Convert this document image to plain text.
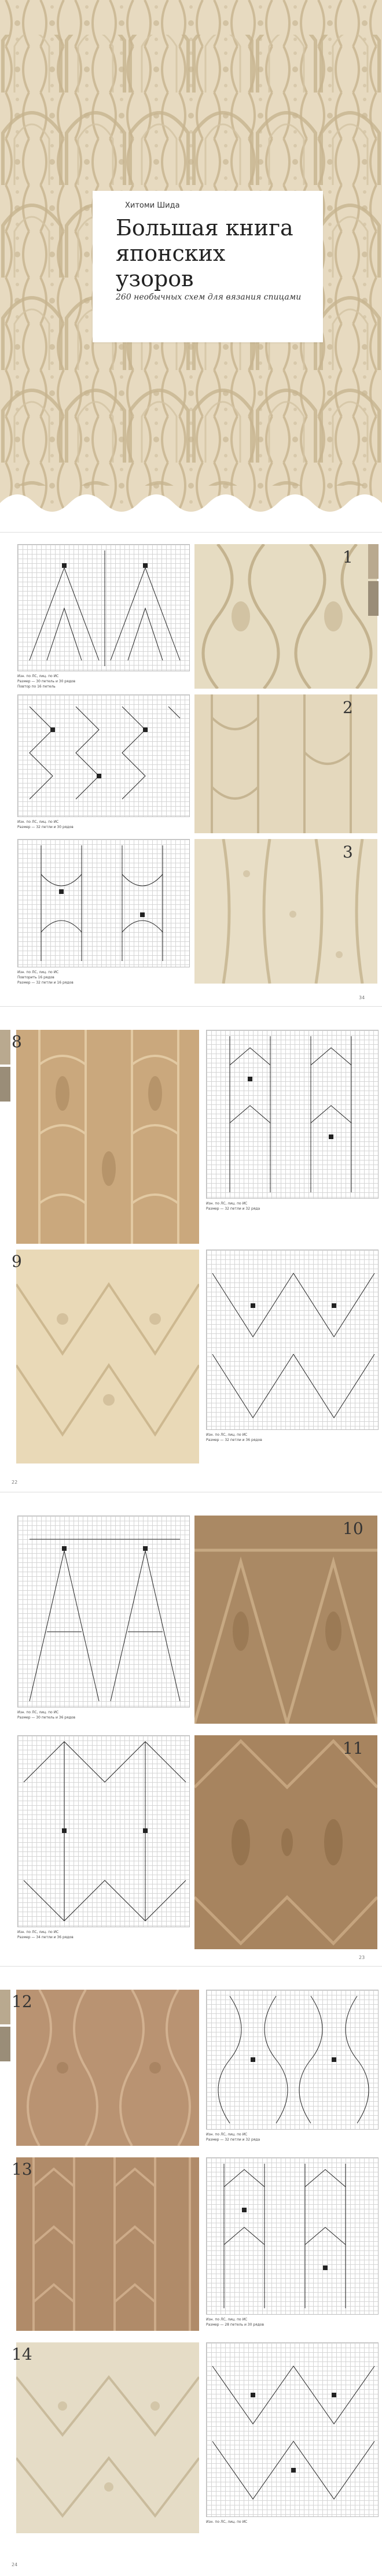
Хитоми Шида
Большая книга японских узоров
260 необычных схем для вязания спицами
Изн. по ЛС, лиц. по ИС
Размер — 30 петель и 30 рядов
Повтор по 16 петель
Изн. по ЛС, лиц. по ИС
Размер — 32 петли и 30 рядов
Изн. по ЛС, лиц. по ИС
Повторить 16 рядов
Размер — 32 петли и 16 рядов
1
2
3
34
8
9
Изн. по ЛС, лиц. по ИС
Размер — 32 петли и 32 ряда
Изн. по ЛС, лиц. по ИС
Размер — 32 петли и 36 рядов
22
Изн. по ЛС, лиц. по ИС
Размер — 30 петель и 36 рядов
Изн. по ЛС, лиц. по ИС
Размер — 34 петли и 36 рядов
10
11
23
12
13
14
Изн. по ЛС, лиц. по ИС
Размер — 32 петли и 32 ряда
Изн. по ЛС, лиц. по ИС
Размер — 28 петель и 30 рядов
Изн. по ЛС, лиц. по ИС
24
